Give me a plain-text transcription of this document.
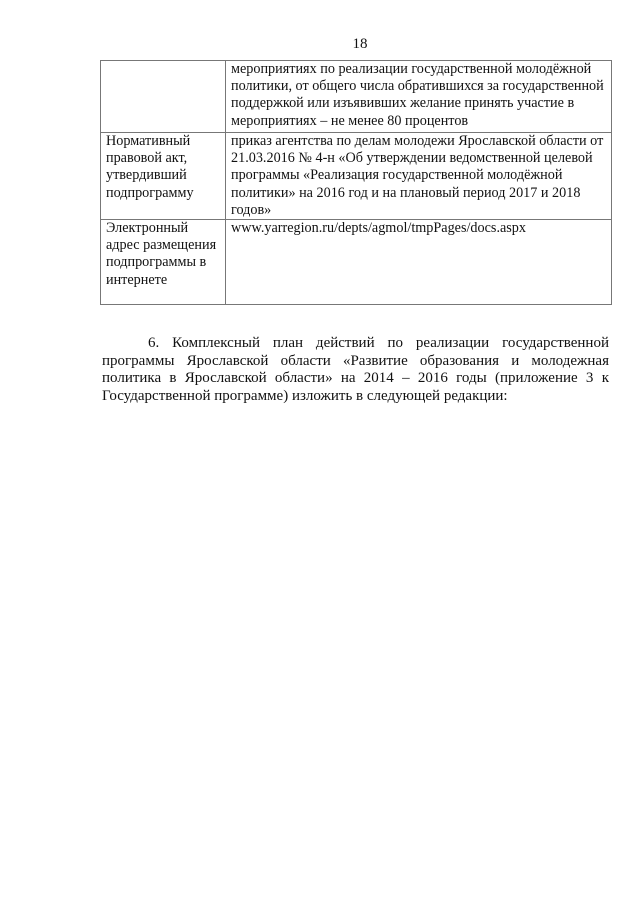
18
	мероприятиях по реализации государственной молодёжной политики, от общего числа обратившихся за государственной поддержкой или изъявивших желание принять участие в мероприятиях – не менее 80 процентов
Нормативный правовой акт, утвердивший подпрограмму	приказ агентства по делам молодежи Ярославской области от 21.03.2016 № 4-н «Об утверждении ведомственной целевой программы «Реализация государственной молодёжной политики» на 2016 год и на плановый период 2017 и 2018 годов»
Электронный адрес размещения подпрограммы в интернете	www.yarregion.ru/depts/agmol/tmpPages/docs.aspx

6. Комплексный план действий по реализации государственной программы Ярославской области «Развитие образования и молодежная политика в Ярославской области» на 2014 – 2016 годы (приложение 3 к Государственной программе) изложить в следующей редакции:
